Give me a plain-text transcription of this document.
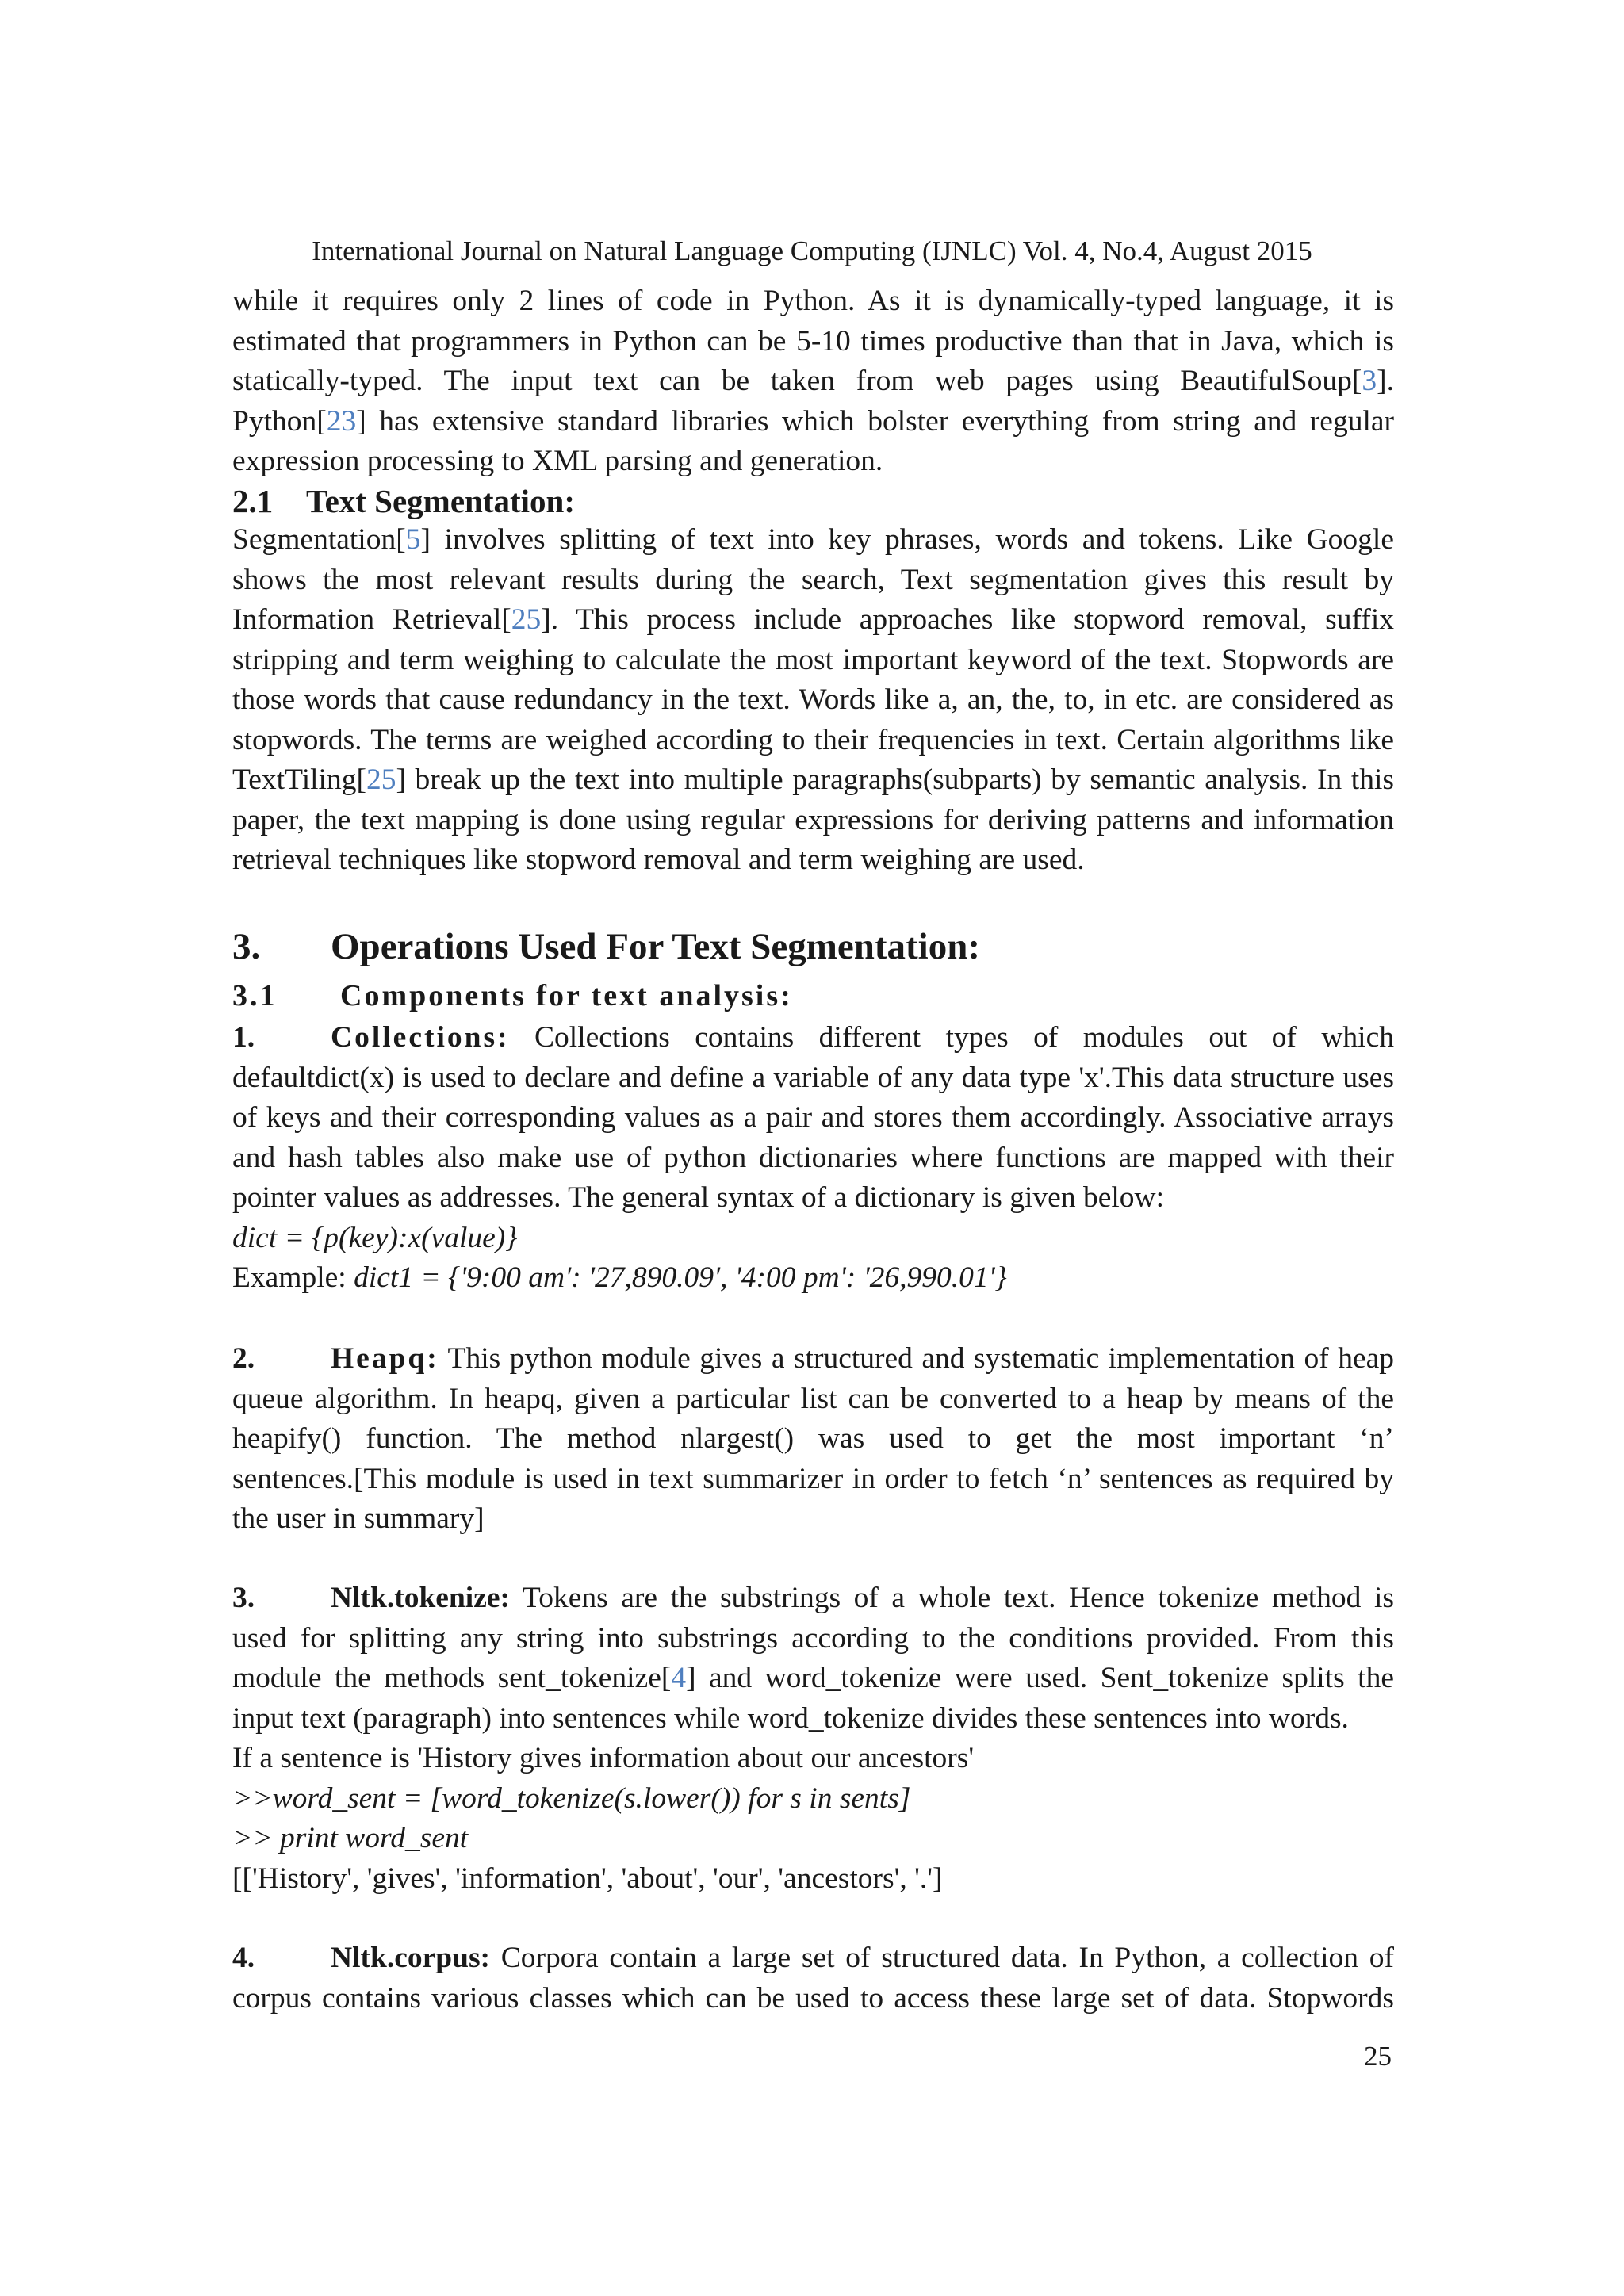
International Journal on Natural Language Computing (IJNLC) Vol. 4, No.4, August 2015
while it requires only 2 lines of code in Python. As it is dynamically-typed language, it is
estimated that programmers in Python can be 5-10 times productive than that in Java, which is
statically-typed. The input text can be taken from web pages using BeautifulSoup[3].
Python[23] has extensive standard libraries which bolster everything from string and regular
expression processing to XML parsing and generation.
2.1 Text Segmentation:
Segmentation[5] involves splitting of text into key phrases, words and tokens. Like Google
shows the most relevant results during the search, Text segmentation gives this result by
Information Retrieval[25]. This process include approaches like stopword removal, suffix
stripping and term weighing to calculate the most important keyword of the text. Stopwords are
those words that cause redundancy in the text. Words like a, an, the, to, in etc. are considered as
stopwords. The terms are weighed according to their frequencies in text. Certain algorithms like
TextTiling[25] break up the text into multiple paragraphs(subparts) by semantic analysis. In this
paper, the text mapping is done using regular expressions for deriving patterns and information
retrieval techniques like stopword removal and term weighing are used.
3. Operations Used For Text Segmentation:
3.1 Components for text analysis:
1.	Collections: Collections contains different types of modules out of which
defaultdict(x) is used to declare and define a variable of any data type 'x'.This data structure uses
of keys and their corresponding values as a pair and stores them accordingly. Associative arrays
and hash tables also make use of python dictionaries where functions are mapped with their
pointer values as addresses. The general syntax of a dictionary is given below:
dict = {p(key):x(value)}
Example: dict1 = {'9:00 am': '27,890.09', '4:00 pm': '26,990.01'}
2.	Heapq: This python module gives a structured and systematic implementation of heap
queue algorithm. In heapq, given a particular list can be converted to a heap by means of the
heapify() function. The method nlargest() was used to get the most important ‘n’
sentences.[This module is used in text summarizer in order to fetch ‘n’ sentences as required by
the user in summary]
3.	Nltk.tokenize: Tokens are the substrings of a whole text. Hence tokenize method is
used for splitting any string into substrings according to the conditions provided. From this
module the methods sent_tokenize[4] and word_tokenize were used. Sent_tokenize splits the
input text (paragraph) into sentences while word_tokenize divides these sentences into words.
If a sentence is 'History gives information about our ancestors'
>>word_sent = [word_tokenize(s.lower()) for s in sents]
>> print word_sent
[['History', 'gives', 'information', 'about', 'our', 'ancestors', '.']
4.	Nltk.corpus: Corpora contain a large set of structured data. In Python, a collection of
corpus contains various classes which can be used to access these large set of data. Stopwords
25
